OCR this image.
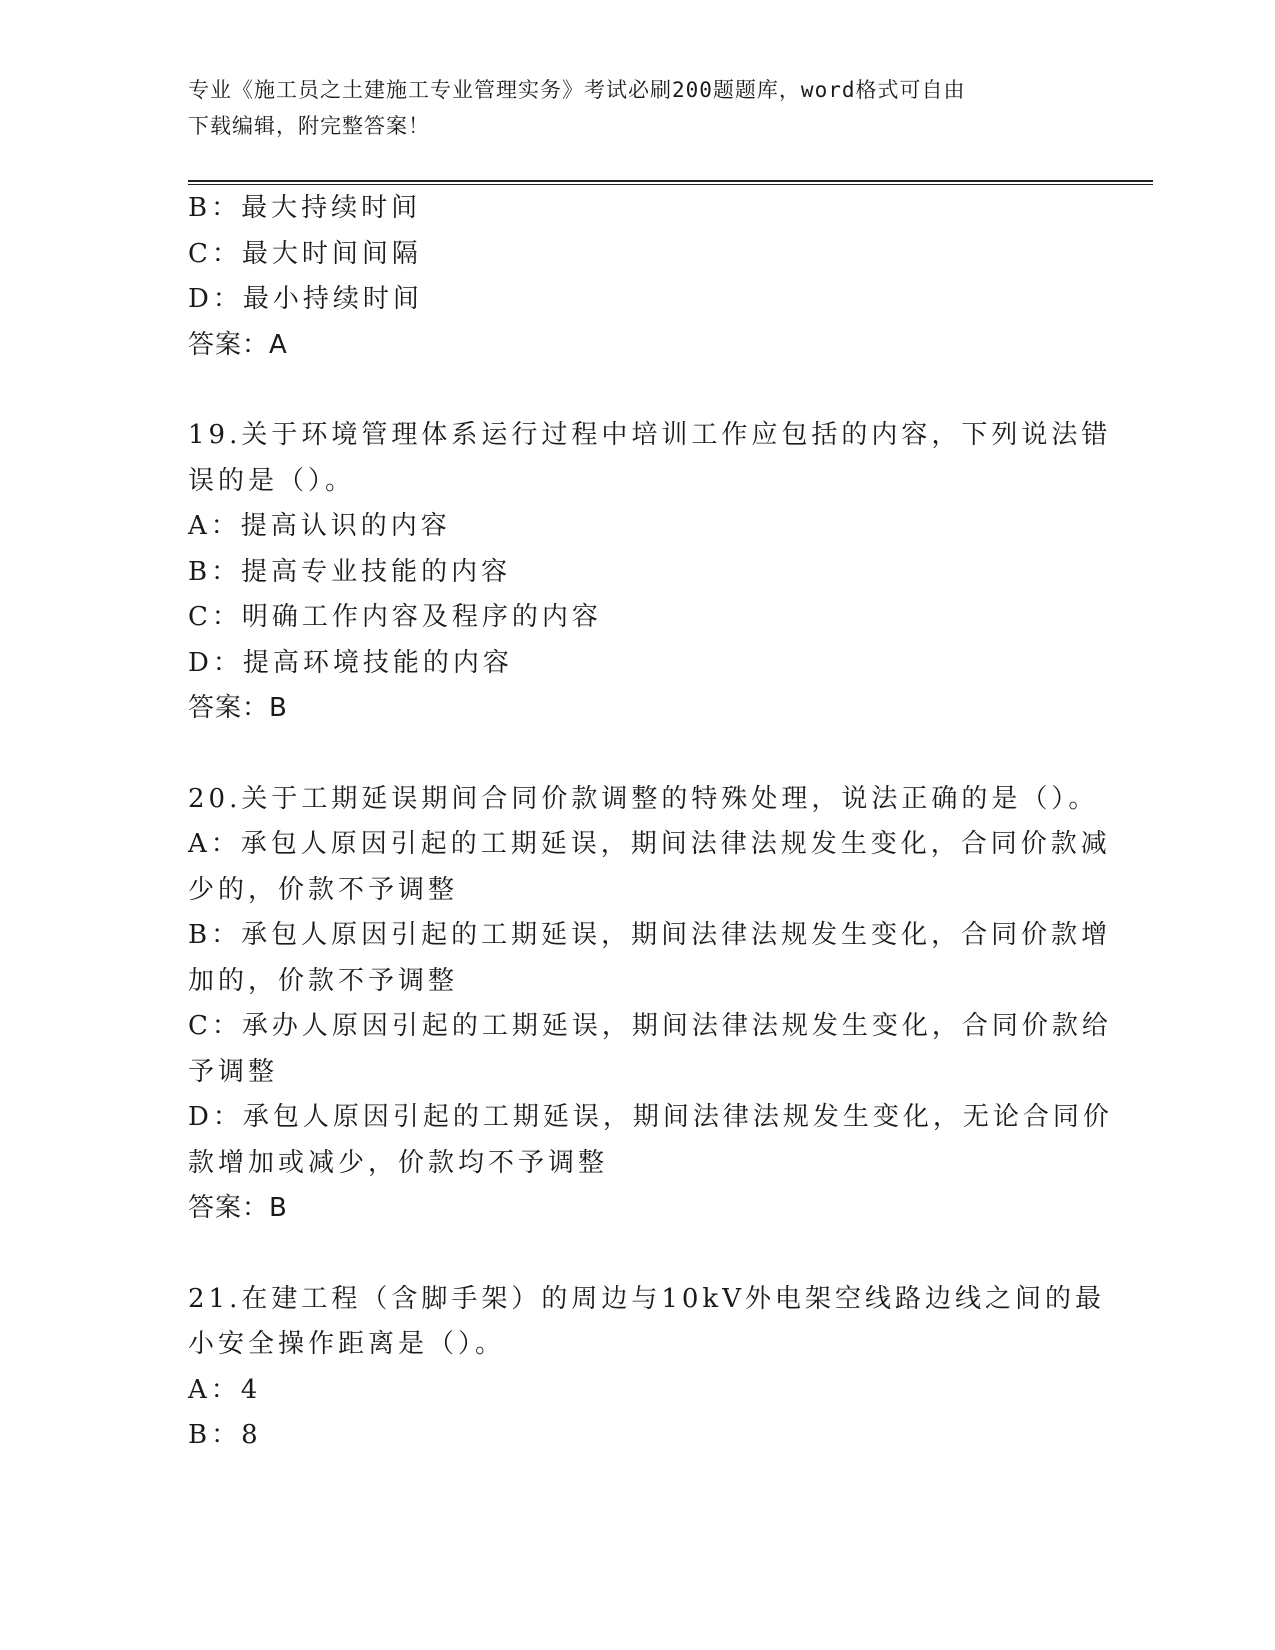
专业《施工员之土建施工专业管理实务》考试必刷200题题库，word格式可自由
下载编辑，附完整答案！
B：最大持续时间
C：最大时间间隔
D：最小持续时间
答案：A
19.关于环境管理体系运行过程中培训工作应包括的内容，下列说法错
误的是（）。
A：提高认识的内容
B：提高专业技能的内容
C：明确工作内容及程序的内容
D：提高环境技能的内容
答案：B
20.关于工期延误期间合同价款调整的特殊处理，说法正确的是（）。
A：承包人原因引起的工期延误，期间法律法规发生变化，合同价款减
少的，价款不予调整
B：承包人原因引起的工期延误，期间法律法规发生变化，合同价款增
加的，价款不予调整
C：承办人原因引起的工期延误，期间法律法规发生变化，合同价款给
予调整
D：承包人原因引起的工期延误，期间法律法规发生变化，无论合同价
款增加或减少，价款均不予调整
答案：B
21.在建工程（含脚手架）的周边与10kV外电架空线路边线之间的最
小安全操作距离是（）。
A：4
B：8
